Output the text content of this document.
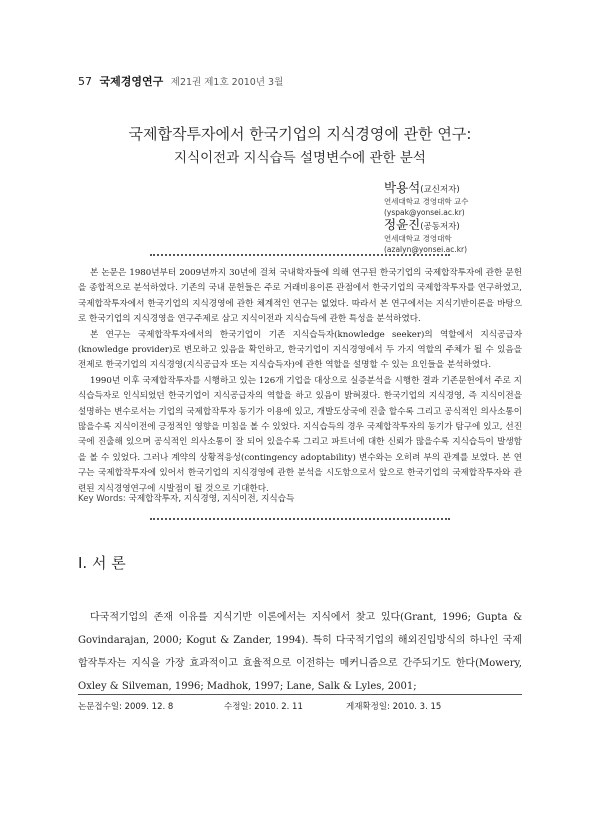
57 국제경영연구 제21권 제1호 2010년 3월
국제합작투자에서 한국기업의 지식경영에 관한 연구:
지식이전과 지식습득 설명변수에 관한 분석
박용석(교신저자)
연세대학교 경영대학 교수
(yspak@yonsei.ac.kr)
정윤진(공동저자)
연세대학교 경영대학
(azalyn@yonsei.ac.kr)

본 논문은 1980년부터 2009년까지 30년에 걸쳐 국내학자들에 의해 연구된 한국기업의 국제합작투자에 관한 문헌을 종합적으로 분석하였다. 기존의 국내 문헌들은 주로 거래비용이론 관점에서 한국기업의 국제합작투자를 연구하였고, 국제합작투자에서 한국기업의 지식경영에 관한 체계적인 연구는 없었다. 따라서 본 연구에서는 지식기반이론을 바탕으로 한국기업의 지식경영을 연구주제로 삼고 지식이전과 지식습득에 관한 특성을 분석하였다.

본 연구는 국제합작투자에서의 한국기업이 기존 지식습득자(knowledge seeker)의 역할에서 지식공급자(knowledge provider)로 변모하고 있음을 확인하고, 한국기업이 지식경영에서 두 가지 역할의 주체가 될 수 있음을 전제로 한국기업의 지식경영(지식공급자 또는 지식습득자)에 관한 역할을 설명할 수 있는 요인들을 분석하였다.

1990년 이후 국제합작투자를 시행하고 있는 126개 기업을 대상으로 실증분석을 시행한 결과 기존문헌에서 주로 지식습득자로 인식되었던 한국기업이 지식공급자의 역할을 하고 있음이 밝혀졌다. 한국기업의 지식경영, 즉 지식이전을 설명하는 변수로서는 기업의 국제합작투자 동기가 이용에 있고, 개발도상국에 진출 할수록 그리고 공식적인 의사소통이 많을수록 지식이전에 긍정적인 영향을 미침을 볼 수 있었다. 지식습득의 경우 국제합작투자의 동기가 탐구에 있고, 선진국에 진출해 있으며 공식적인 의사소통이 잘 되어 있을수록 그리고 파트너에 대한 신뢰가 많을수록 지식습득이 발생함을 볼 수 있었다. 그러나 계약의 상황적응성(contingency adoptability) 변수와는 오히려 부의 관계를 보였다. 본 연구는 국제합작투자에 있어서 한국기업의 지식경영에 관한 분석을 시도함으로서 앞으로 한국기업의 국제합작투자와 관련된 지식경영연구에 시발점이 될 것으로 기대한다.

Key Words: 국제합작투자, 지식경영, 지식이전, 지식습득
Ⅰ. 서 론

다국적기업의 존재 이유를 지식기반 이론에서는 지식에서 찾고 있다(Grant, 1996; Gupta & Govindarajan, 2000; Kogut & Zander, 1994). 특히 다국적기업의 해외진입방식의 하나인 국제합작투자는 지식을 가장 효과적이고 효율적으로 이전하는 메커니즘으로 간주되기도 한다(Mowery, Oxley & Silveman, 1996; Madhok, 1997; Lane, Salk & Lyles, 2001;

논문접수일: 2009. 12. 8	수정일: 2010. 2. 11	게재확정일: 2010. 3. 15
